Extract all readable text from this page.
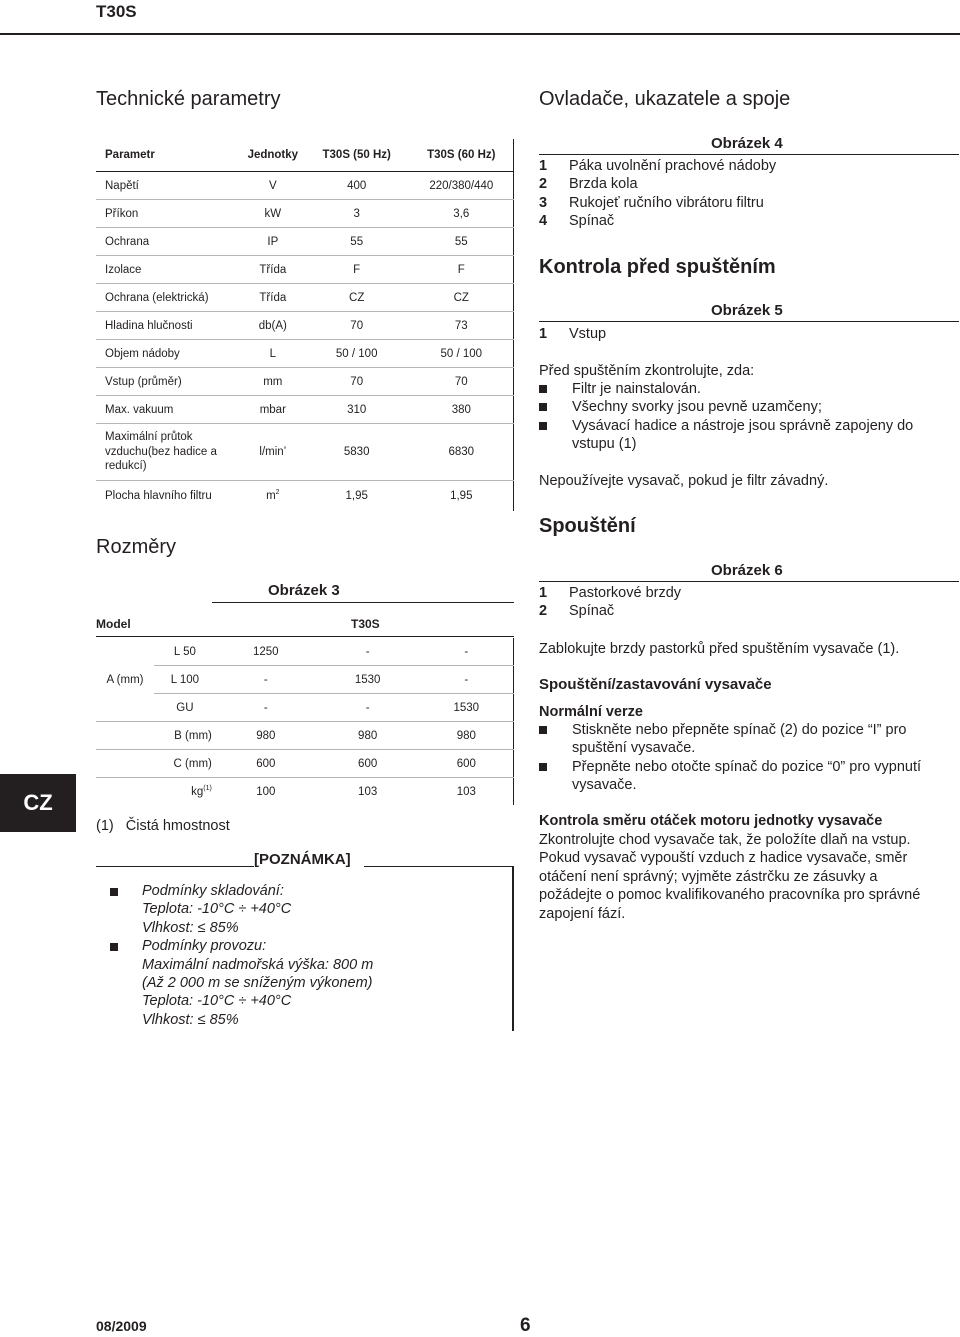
T30S
CZ
Technické parametry
Parametr	Jednotky	T30S (50 Hz)	T30S (60 Hz)
Napětí	V	400	220/380/440
Příkon	kW	3	3,6
Ochrana	IP	55	55
Izolace	Třída	F	F
Ochrana (elektrická)	Třída	CZ	CZ
Hladina hlučnosti	db(A)	70	73
Objem nádoby	L	50 / 100	50 / 100
Vstup (průměr)	mm	70	70
Max. vakuum	mbar	310	380
Maximální průtok vzduchu(bez hadice a redukcí)	l/min’	5830	6830
Plocha hlavního filtru	$m^2$	1,95	1,95
Rozměry
Obrázek 3
Model	T30S
	L 50	1250	-	-
A (mm)	L 100	-	1530	-
	GU	-	-	1530
B (mm)		980	980	980
C (mm)		600	600	600
$kg^{(1)}$		100	103	103
(1)   Čistá hmostnost
[POZNÁMKA]
Podmínky skladování:
Teplota: -10°C ÷ +40°C
Vlhkost: ≤ 85%
Podmínky provozu:
Maximální nadmořská výška: 800 m
(Až 2 000 m se sníženým výkonem)
Teplota: -10°C ÷ +40°C
Vlhkost: ≤ 85%
Ovladače, ukazatele a spoje
Obrázek 4
1 Páka uvolnění prachové nádoby
2 Brzda kola
3 Rukojeť ručního vibrátoru filtru
4 Spínač
Kontrola před spuštěním
Obrázek 5
1 Vstup
Před spuštěním zkontrolujte, zda:
Filtr je nainstalován.
Všechny svorky jsou pevně uzamčeny;
Vysávací hadice a nástroje jsou správně zapojeny do vstupu (1)
Nepoužívejte vysavač, pokud je filtr závadný.
Spouštění
Obrázek 6
1 Pastorkové brzdy
2 Spínač
Zablokujte brzdy pastorků před spuštěním vysavače (1).
Spouštění/zastavování vysavače
Normální verze
Stiskněte nebo přepněte spínač (2) do pozice “I” pro spuštění vysavače.
Přepněte nebo otočte spínač do pozice “0” pro vypnutí vysavače.
Kontrola směru otáček motoru jednotky vysavače
Zkontrolujte chod vysavače tak, že položíte dlaň na vstup.
Pokud vysavač vypouští vzduch z hadice vysavače, směr
otáčení není správný; vyjměte zástrčku ze zásuvky a
požádejte o pomoc kvalifikovaného pracovníka pro správné
zapojení fází.
08/2009	6
